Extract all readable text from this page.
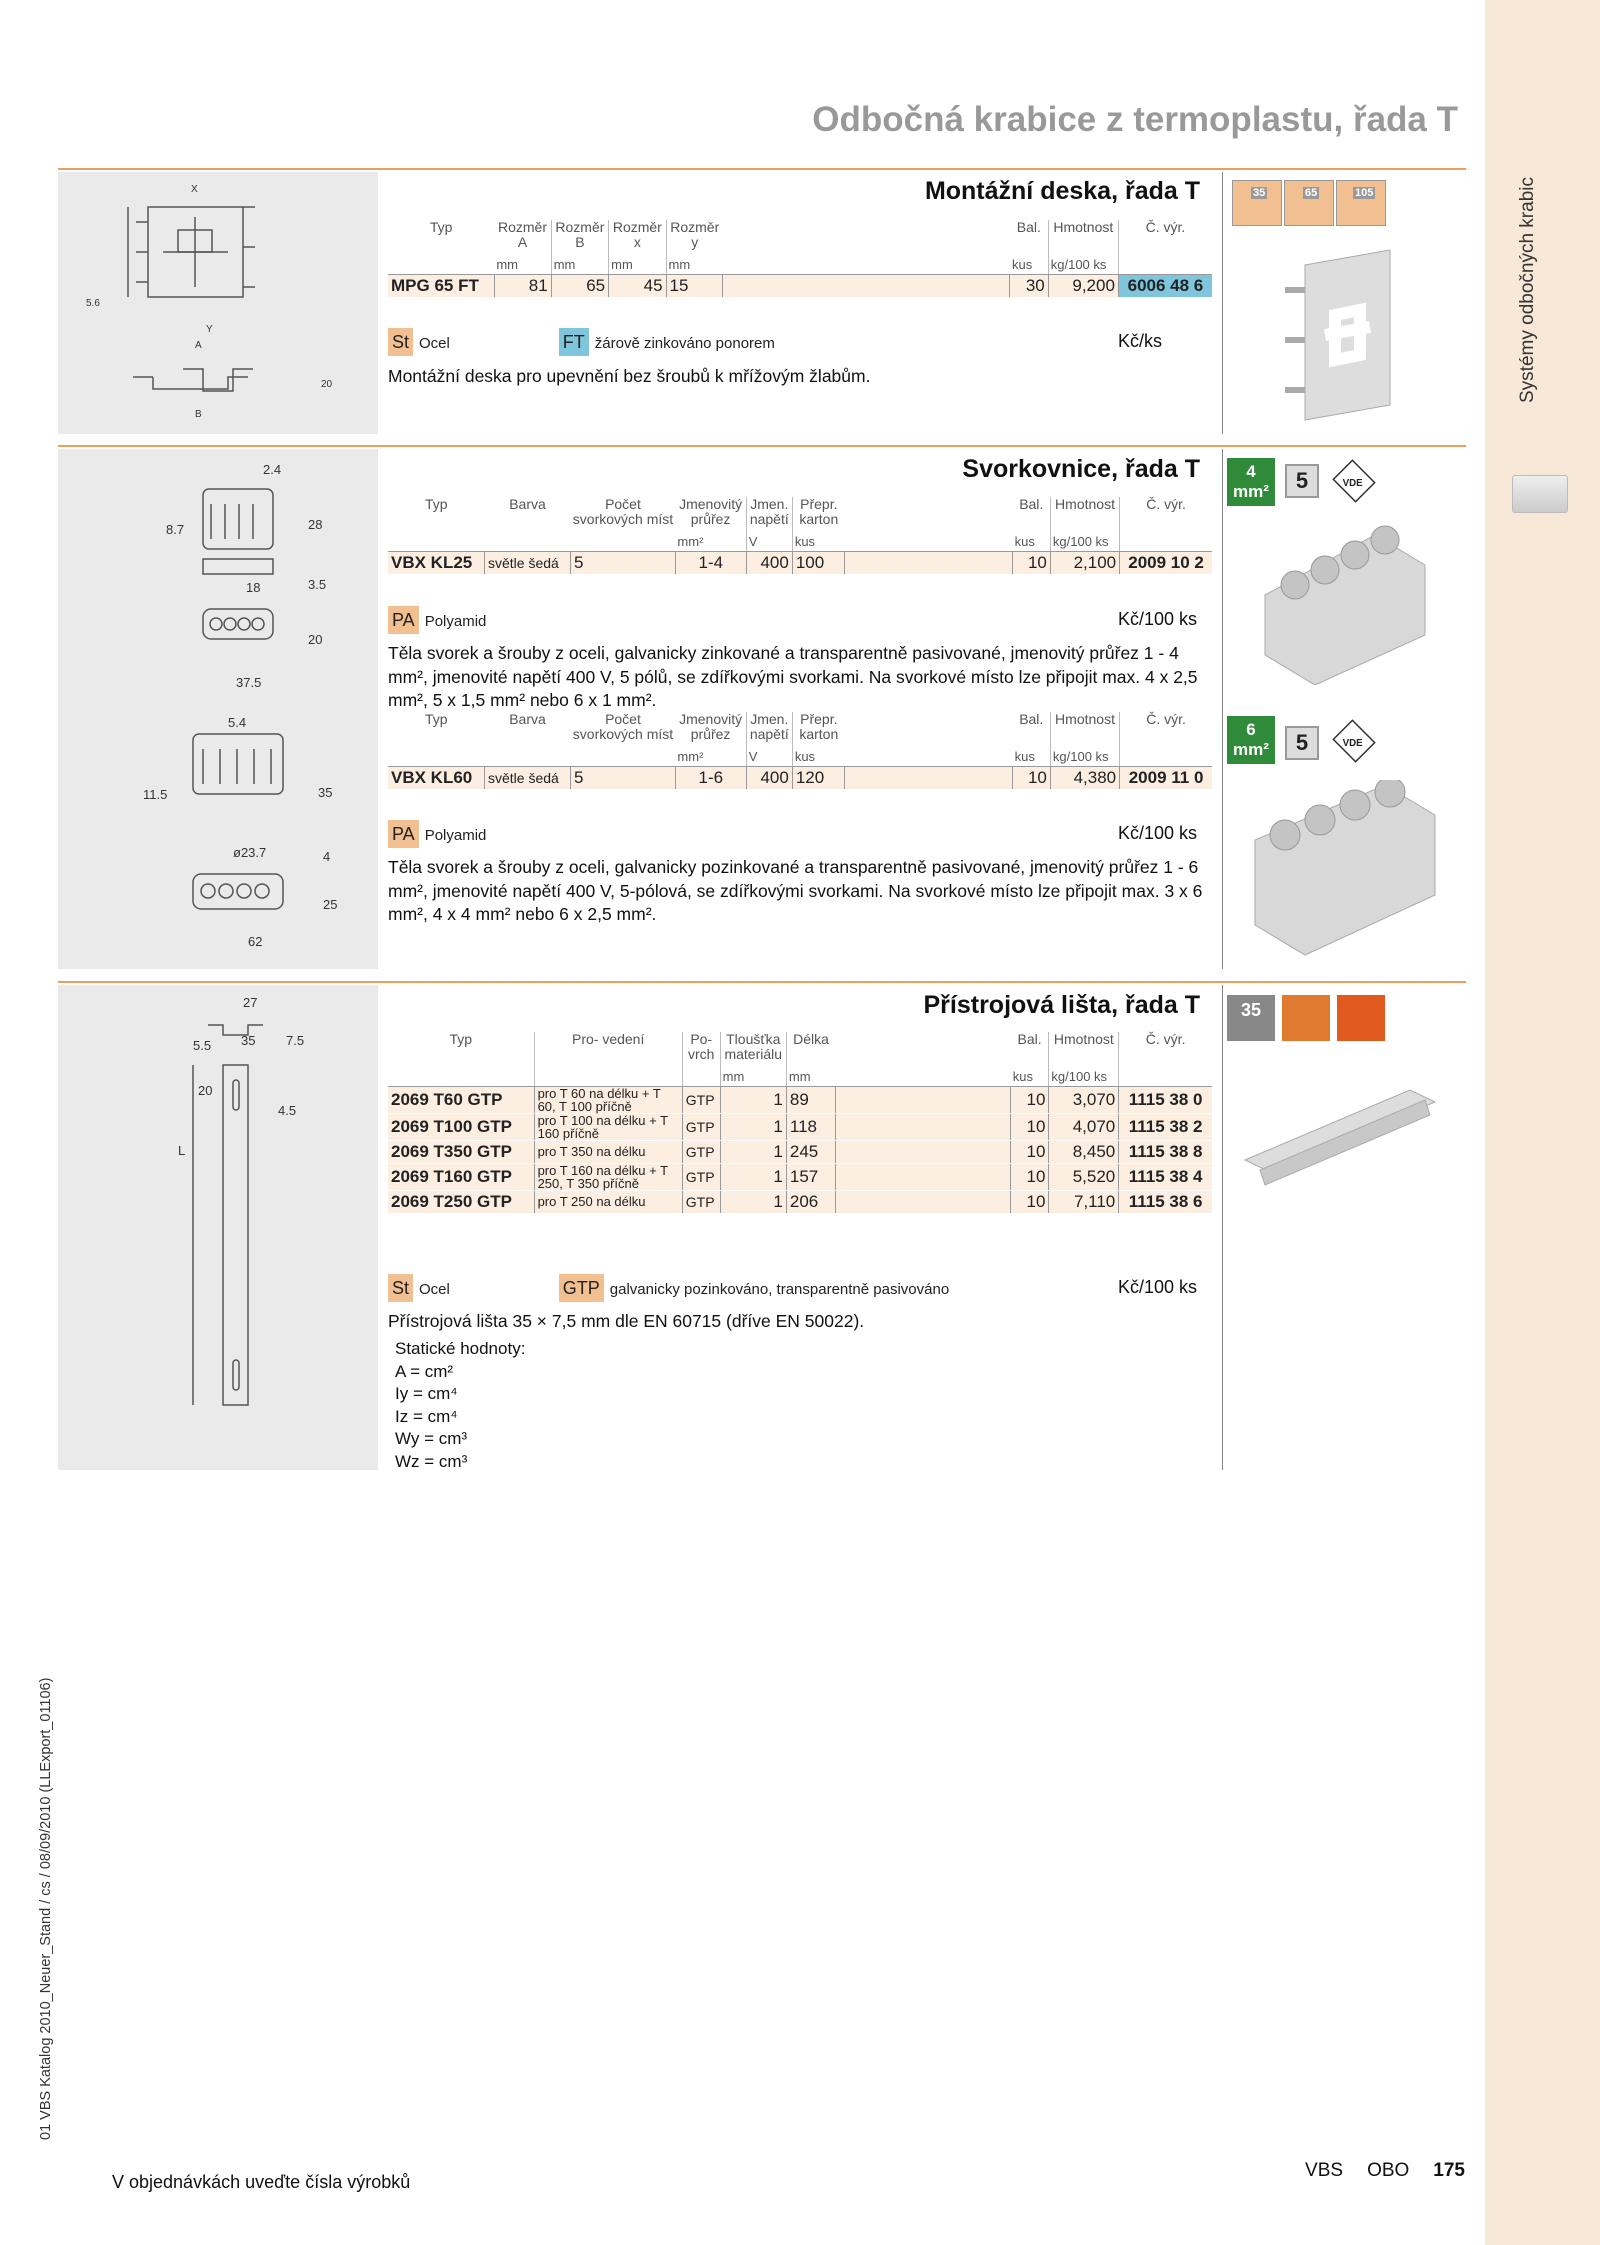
Systémy odbočných krabic
Odbočná krabice z termoplastu, řada T
X
Y
5.6
A
B
20
Montážní deska, řada T	35	65	105
Typ	Rozměr A	Rozměr B	Rozměr x	Rozměr y		Bal.	Hmotnost	Č. výr.
	mm	mm	mm	mm		kus	kg/100 ks	
MPG 65 FT	81	65	45	15		30	9,200	6006 48 6
St Ocel	FT žárově zinkováno ponorem	Kč/ks
Montážní deska pro upevnění bez šroubů k mřížovým žlabům.
2.4
8.7	28
18	3.5
20
37.5
5.4
11.5	35
ø23.7	4
25
62
Svorkovnice, řada T	4 mm²	5	VDE
Typ	Barva	Počet svorkových míst	Jmenovitý průřez	Jmen. napětí	Přepr. karton		Bal.	Hmotnost	Č. výr.
			mm²	V	kus		kus	kg/100 ks	
VBX KL25	světle šedá	5	1-4	400	100		10	2,100	2009 10 2
PA Polyamid	Kč/100 ks
Těla svorek a šrouby z oceli, galvanicky zinkované a transparentně pasivované, jmenovitý průřez 1 - 4 mm², jmenovité napětí 400 V, 5 pólů, se zdířkovými svorkami. Na svorkové místo lze připojit max. 4 x 2,5 mm², 5 x 1,5 mm² nebo 6 x 1 mm².
6 mm²	5	VDE
Typ	Barva	Počet svorkových míst	Jmenovitý průřez	Jmen. napětí	Přepr. karton		Bal.	Hmotnost	Č. výr.
			mm²	V	kus		kus	kg/100 ks	
VBX KL60	světle šedá	5	1-6	400	120		10	4,380	2009 11 0
PA Polyamid	Kč/100 ks
Těla svorek a šrouby z oceli, galvanicky pozinkované a transparentně pasivované, jmenovitý průřez 1 - 6 mm², jmenovité napětí 400 V, 5-pólová, se zdířkovými svorkami. Na svorkové místo lze připojit max. 3 x 6 mm², 4 x 4 mm² nebo 6 x 2,5 mm².
27
35
5.5	7.5
20
4.5
L
Přístrojová lišta, řada T	35
Typ	Pro- vedení	Po- vrch	Tloušťka materiálu	Délka		Bal.	Hmotnost	Č. výr.
			mm	mm		kus	kg/100 ks	
2069 T60 GTP	pro T 60 na délku + T 60, T 100 příčně	GTP	1	89		10	3,070	1115 38 0
2069 T100 GTP	pro T 100 na délku + T 160 příčně	GTP	1	118		10	4,070	1115 38 2
2069 T350 GTP	pro T 350 na délku	GTP	1	245		10	8,450	1115 38 8
2069 T160 GTP	pro T 160 na délku + T 250, T 350 příčně	GTP	1	157		10	5,520	1115 38 4
2069 T250 GTP	pro T 250 na délku	GTP	1	206		10	7,110	1115 38 6
St Ocel	GTP galvanicky pozinkováno, transparentně pasivováno	Kč/100 ks
Přístrojová lišta 35 × 7,5 mm dle EN 60715 (dříve EN 50022).
Statické hodnoty:
A = cm²
Iy = cm⁴
Iz = cm⁴
Wy = cm³
Wz = cm³
01 VBS Katalog 2010_Neuer_Stand / cs / 08/09/2010 (LLExport_01106)
V objednávkách uveďte čísla výrobků
VBS OBO 175
